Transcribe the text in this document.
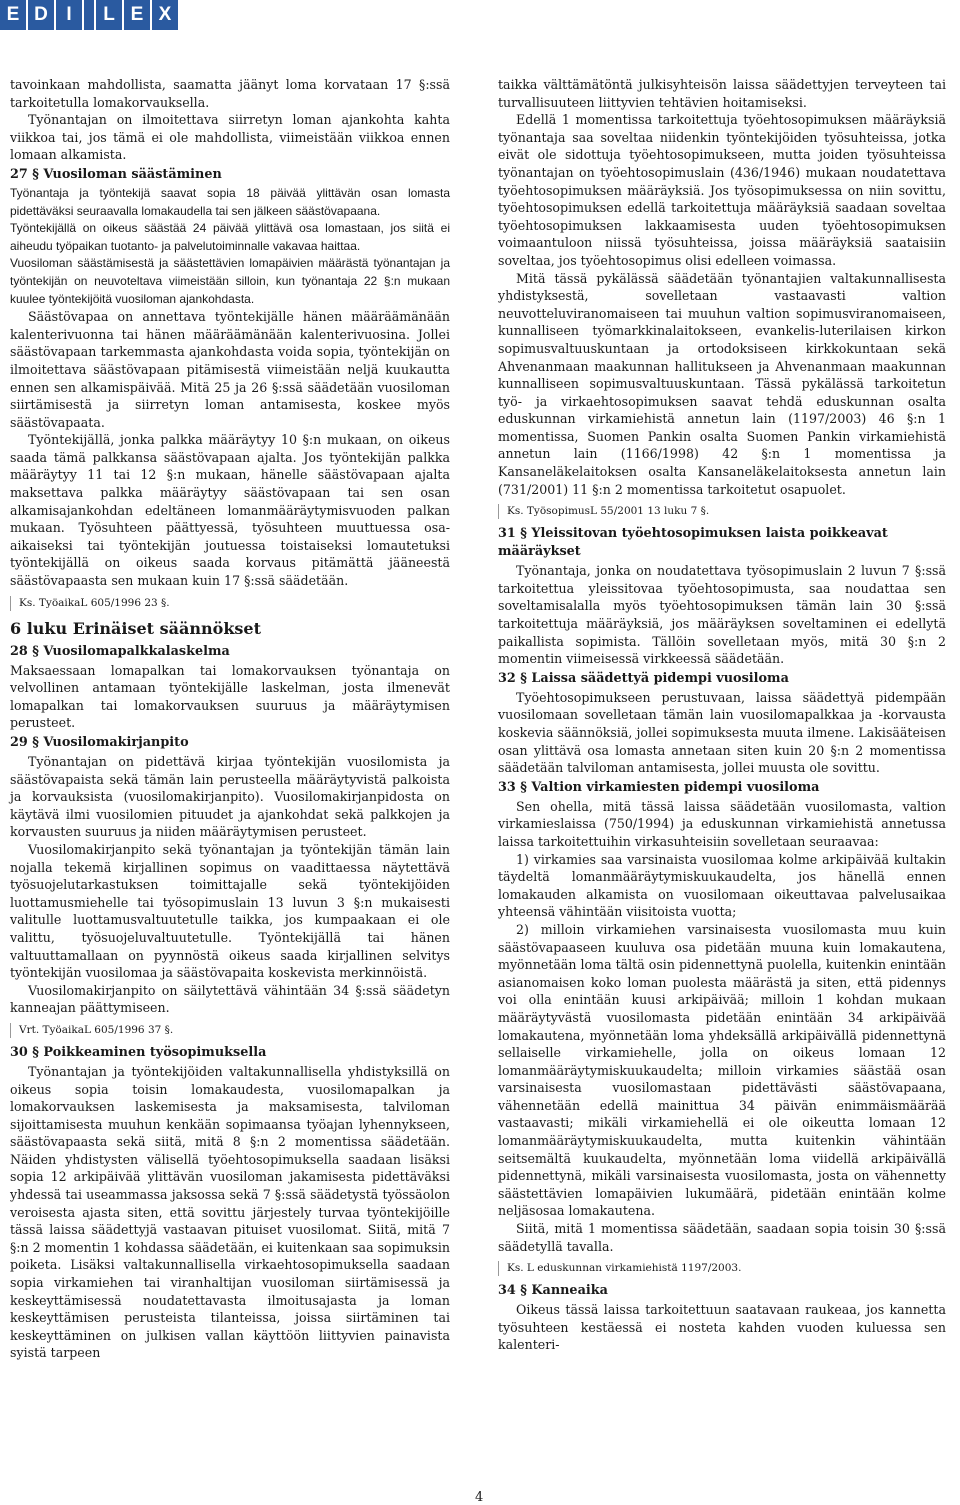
E D I	L E X

tavoinkaan mahdollista, saamatta jäänyt loma korvataan 17 §:ssä tarkoitetulla lomakorvauksella.

Työnantajan on ilmoitettava siirretyn loman ajankohta kahta viikkoa tai, jos tämä ei ole mahdollista, viimeistään viikkoa ennen lomaan alkamista.

27 § Vuosiloman säästäminen

Työnantaja ja työntekijä saavat sopia 18 päivää ylittävän osan lomasta pidettäväksi seuraavalla lomakaudella tai sen jälkeen säästövapaana.

Työntekijällä on oikeus säästää 24 päivää ylittävä osa lomastaan, jos siitä ei aiheudu työpaikan tuotanto- ja palvelutoiminnalle vakavaa haittaa.

Vuosiloman säästämisestä ja säästettävien lomapäivien määrästä työnantajan ja työntekijän on neuvoteltava viimeistään silloin, kun työnantaja 22 §:n mukaan kuulee työntekijöitä vuosiloman ajankohdasta.

Säästövapaa on annettava työntekijälle hänen määräämänään kalenterivuonna tai hänen määräämänään kalenterivuosina. Jollei säästövapaan tarkemmasta ajankohdasta voida sopia, työntekijän on ilmoitettava säästövapaan pitämisestä viimeistään neljä kuukautta ennen sen alkamispäivää. Mitä 25 ja 26 §:ssä säädetään vuosiloman siirtämisestä ja siirretyn loman antamisesta, koskee myös säästövapaata.

Työntekijällä, jonka palkka määräytyy 10 §:n mukaan, on oikeus saada tämä palkkansa säästövapaan ajalta. Jos työntekijän palkka määräytyy 11 tai 12 §:n mukaan, hänelle säästövapaan ajalta maksettava palkka määräytyy säästövapaan tai sen osan alkamisajankohdan edeltäneen lomanmääräytymisvuoden palkan mukaan. Työsuhteen päättyessä, työsuhteen muuttuessa osa-aikaiseksi tai työntekijän joutuessa toistaiseksi lomautetuksi työntekijällä on oikeus saada korvaus pitämättä jääneestä säästövapaasta sen mukaan kuin 17 §:ssä säädetään.

Ks. TyöaikaL 605/1996 23 §.
6 luku Erinäiset säännökset
28 § Vuosilomapalkkalaskelma

Maksaessaan lomapalkan tai lomakorvauksen työnantaja on velvollinen antamaan työntekijälle laskelman, josta ilmenevät lomapalkan tai lomakorvauksen suuruus ja määräytymisen perusteet.

29 § Vuosilomakirjanpito

Työnantajan on pidettävä kirjaa työntekijän vuosilomista ja säästövapaista sekä tämän lain perusteella määräytyvistä palkoista ja korvauksista (vuosilomakirjanpito). Vuosilomakirjanpidosta on käytävä ilmi vuosilomien pituudet ja ajankohdat sekä palkkojen ja korvausten suuruus ja niiden määräytymisen perusteet.

Vuosilomakirjanpito sekä työnantajan ja työntekijän tämän lain nojalla tekemä kirjallinen sopimus on vaadittaessa näytettävä työsuojelutarkastuksen toimittajalle sekä työntekijöiden luottamusmiehelle tai työsopimuslain 13 luvun 3 §:n mukaisesti valitulle luottamusvaltuutetulle taikka, jos kumpaakaan ei ole valittu, työsuojeluvaltuutetulle. Työntekijällä tai hänen valtuuttamallaan on pyynnöstä oikeus saada kirjallinen selvitys työntekijän vuosilomaa ja säästövapaita koskevista merkinnöistä.

Vuosilomakirjanpito on säilytettävä vähintään 34 §:ssä säädetyn kanneajan päättymiseen.

Vrt. TyöaikaL 605/1996 37 §.
30 § Poikkeaminen työsopimuksella

Työnantajan ja työntekijöiden valtakunnallisella yhdistyksillä on oikeus sopia toisin lomakaudesta, vuosilomapalkan ja lomakorvauksen laskemisesta ja maksamisesta, talviloman sijoittamisesta muuhun kenkään sopimaansa työajan lyhennykseen, säästövapaasta sekä siitä, mitä 8 §:n 2 momentissa säädetään. Näiden yhdistysten välisellä työehtosopimuksella saadaan lisäksi sopia 12 arkipäivää ylittävän vuosiloman jakamisesta pidettäväksi yhdessä tai useammassa jaksossa sekä 7 §:ssä säädetystä työssäolon veroisesta ajasta siten, että sovittu järjestely turvaa työntekijöille tässä laissa säädettyjä vastaavan pituiset vuosilomat. Siitä, mitä 7 §:n 2 momentin 1 kohdassa säädetään, ei kuitenkaan saa sopimuksin poiketa. Lisäksi valtakunnallisella virkaehtosopimuksella saadaan sopia virkamiehen tai viranhaltijan vuosiloman siirtämisessä ja keskeyttämisessä noudatettavasta ilmoitusajasta ja loman keskeyttämisen perusteista tilanteissa, joissa siirtäminen tai keskeyttäminen on julkisen vallan käyttöön liittyvien painavista syistä tarpeen

taikka välttämätöntä julkisyhteisön laissa säädettyjen terveyteen tai turvallisuuteen liittyvien tehtävien hoitamiseksi.

Edellä 1 momentissa tarkoitettuja työehtosopimuksen määräyksiä työnantaja saa soveltaa niidenkin työntekijöiden työsuhteissa, jotka eivät ole sidottuja työehtosopimukseen, mutta joiden työsuhteissa työnantajan on työehtosopimuslain (436/1946) mukaan noudatettava työehtosopimuksen määräyksiä. Jos työsopimuksessa on niin sovittu, työehtosopimuksen edellä tarkoitettuja määräyksiä saadaan soveltaa työehtosopimuksen lakkaamisesta uuden työehtosopimuksen voimaantuloon niissä työsuhteissa, joissa määräyksiä saataisiin soveltaa, jos työehtosopimus olisi edelleen voimassa.

Mitä tässä pykälässä säädetään työnantajien valtakunnallisesta yhdistyksestä, sovelletaan vastaavasti valtion neuvotteluviranomaiseen tai muuhun valtion sopimusviranomaiseen, kunnalliseen työmarkkinalaitokseen, evankelis-luterilaisen kirkon sopimusvaltuuskuntaan ja ortodoksiseen kirkkokuntaan sekä Ahvenanmaan maakunnan hallitukseen ja Ahvenanmaan maakunnan kunnalliseen sopimusvaltuuskuntaan. Tässä pykälässä tarkoitetun työ- ja virkaehtosopimuksen saavat tehdä eduskunnan osalta eduskunnan virkamiehistä annetun lain (1197/2003) 46 §:n 1 momentissa, Suomen Pankin osalta Suomen Pankin virkamiehistä annetun lain (1166/1998) 42 §:n 1 momentissa ja Kansaneläkelaitoksen osalta Kansaneläkelaitoksesta annetun lain (731/2001) 11 §:n 2 momentissa tarkoitetut osapuolet.

Ks. TyösopimusL 55/2001 13 luku 7 §.
31 § Yleissitovan työehtosopimuksen laista poikkeavat määräykset

Työnantaja, jonka on noudatettava työsopimuslain 2 luvun 7 §:ssä tarkoitettua yleissitovaa työehtosopimusta, saa noudattaa sen soveltamisalalla myös työehtosopimuksen tämän lain 30 §:ssä tarkoitettuja määräyksiä, jos määräyksen soveltaminen ei edellytä paikallista sopimista. Tällöin sovelletaan myös, mitä 30 §:n 2 momentin viimeisessä virkkeessä säädetään.

32 § Laissa säädettyä pidempi vuosiloma

Työehtosopimukseen perustuvaan, laissa säädettyä pidempään vuosilomaan sovelletaan tämän lain vuosilomapalkkaa ja -korvausta koskevia säännöksiä, jollei sopimuksesta muuta ilmene. Lakisääteisen osan ylittävä osa lomasta annetaan siten kuin 20 §:n 2 momentissa säädetään talviloman antamisesta, jollei muusta ole sovittu.

33 § Valtion virkamiesten pidempi vuosiloma

Sen ohella, mitä tässä laissa säädetään vuosilomasta, valtion virkamieslaissa (750/1994) ja eduskunnan virkamiehistä annetussa laissa tarkoitettuihin virkasuhteisiin sovelletaan seuraavaa:

1) virkamies saa varsinaista vuosilomaa kolme arkipäivää kultakin täydeltä lomanmääräytymiskuukaudelta, jos hänellä ennen lomakauden alkamista on vuosilomaan oikeuttavaa palvelusaikaa yhteensä vähintään viisitoista vuotta;

2) milloin virkamiehen varsinaisesta vuosilomasta muu kuin säästövapaaseen kuuluva osa pidetään muuna kuin lomakautena, myönnetään loma tältä osin pidennettynä puolella, kuitenkin enintään asianomaisen koko loman puolesta määrästä ja siten, että pidennys voi olla enintään kuusi arkipäivää; milloin 1 kohdan mukaan määräytyvästä vuosilomasta pidetään enintään 34 arkipäivää lomakautena, myönnetään loma yhdeksällä arkipäivällä pidennettynä sellaiselle virkamiehelle, jolla on oikeus lomaan 12 lomanmääräytymiskuukaudelta; milloin virkamies säästää osan varsinaisesta vuosilomastaan pidettävästi säästövapaana, vähennetään edellä mainittua 34 päivän enimmäismäärää vastaavasti; mikäli virkamiehellä ei ole oikeutta lomaan 12 lomanmääräytymiskuukaudelta, mutta kuitenkin vähintään seitsemältä kuukaudelta, myönnetään loma viidellä arkipäivällä pidennettynä, mikäli varsinaisesta vuosilomasta, josta on vähennetty säästettävien lomapäivien lukumäärä, pidetään enintään kolme neljäsosaa lomakautena.

Siitä, mitä 1 momentissa säädetään, saadaan sopia toisin 30 §:ssä säädetyllä tavalla.

Ks. L eduskunnan virkamiehistä 1197/2003.
34 § Kanneaika

Oikeus tässä laissa tarkoitettuun saatavaan raukeaa, jos kannetta työsuhteen kestäessä ei nosteta kahden vuoden kuluessa sen kalenteri-

4
